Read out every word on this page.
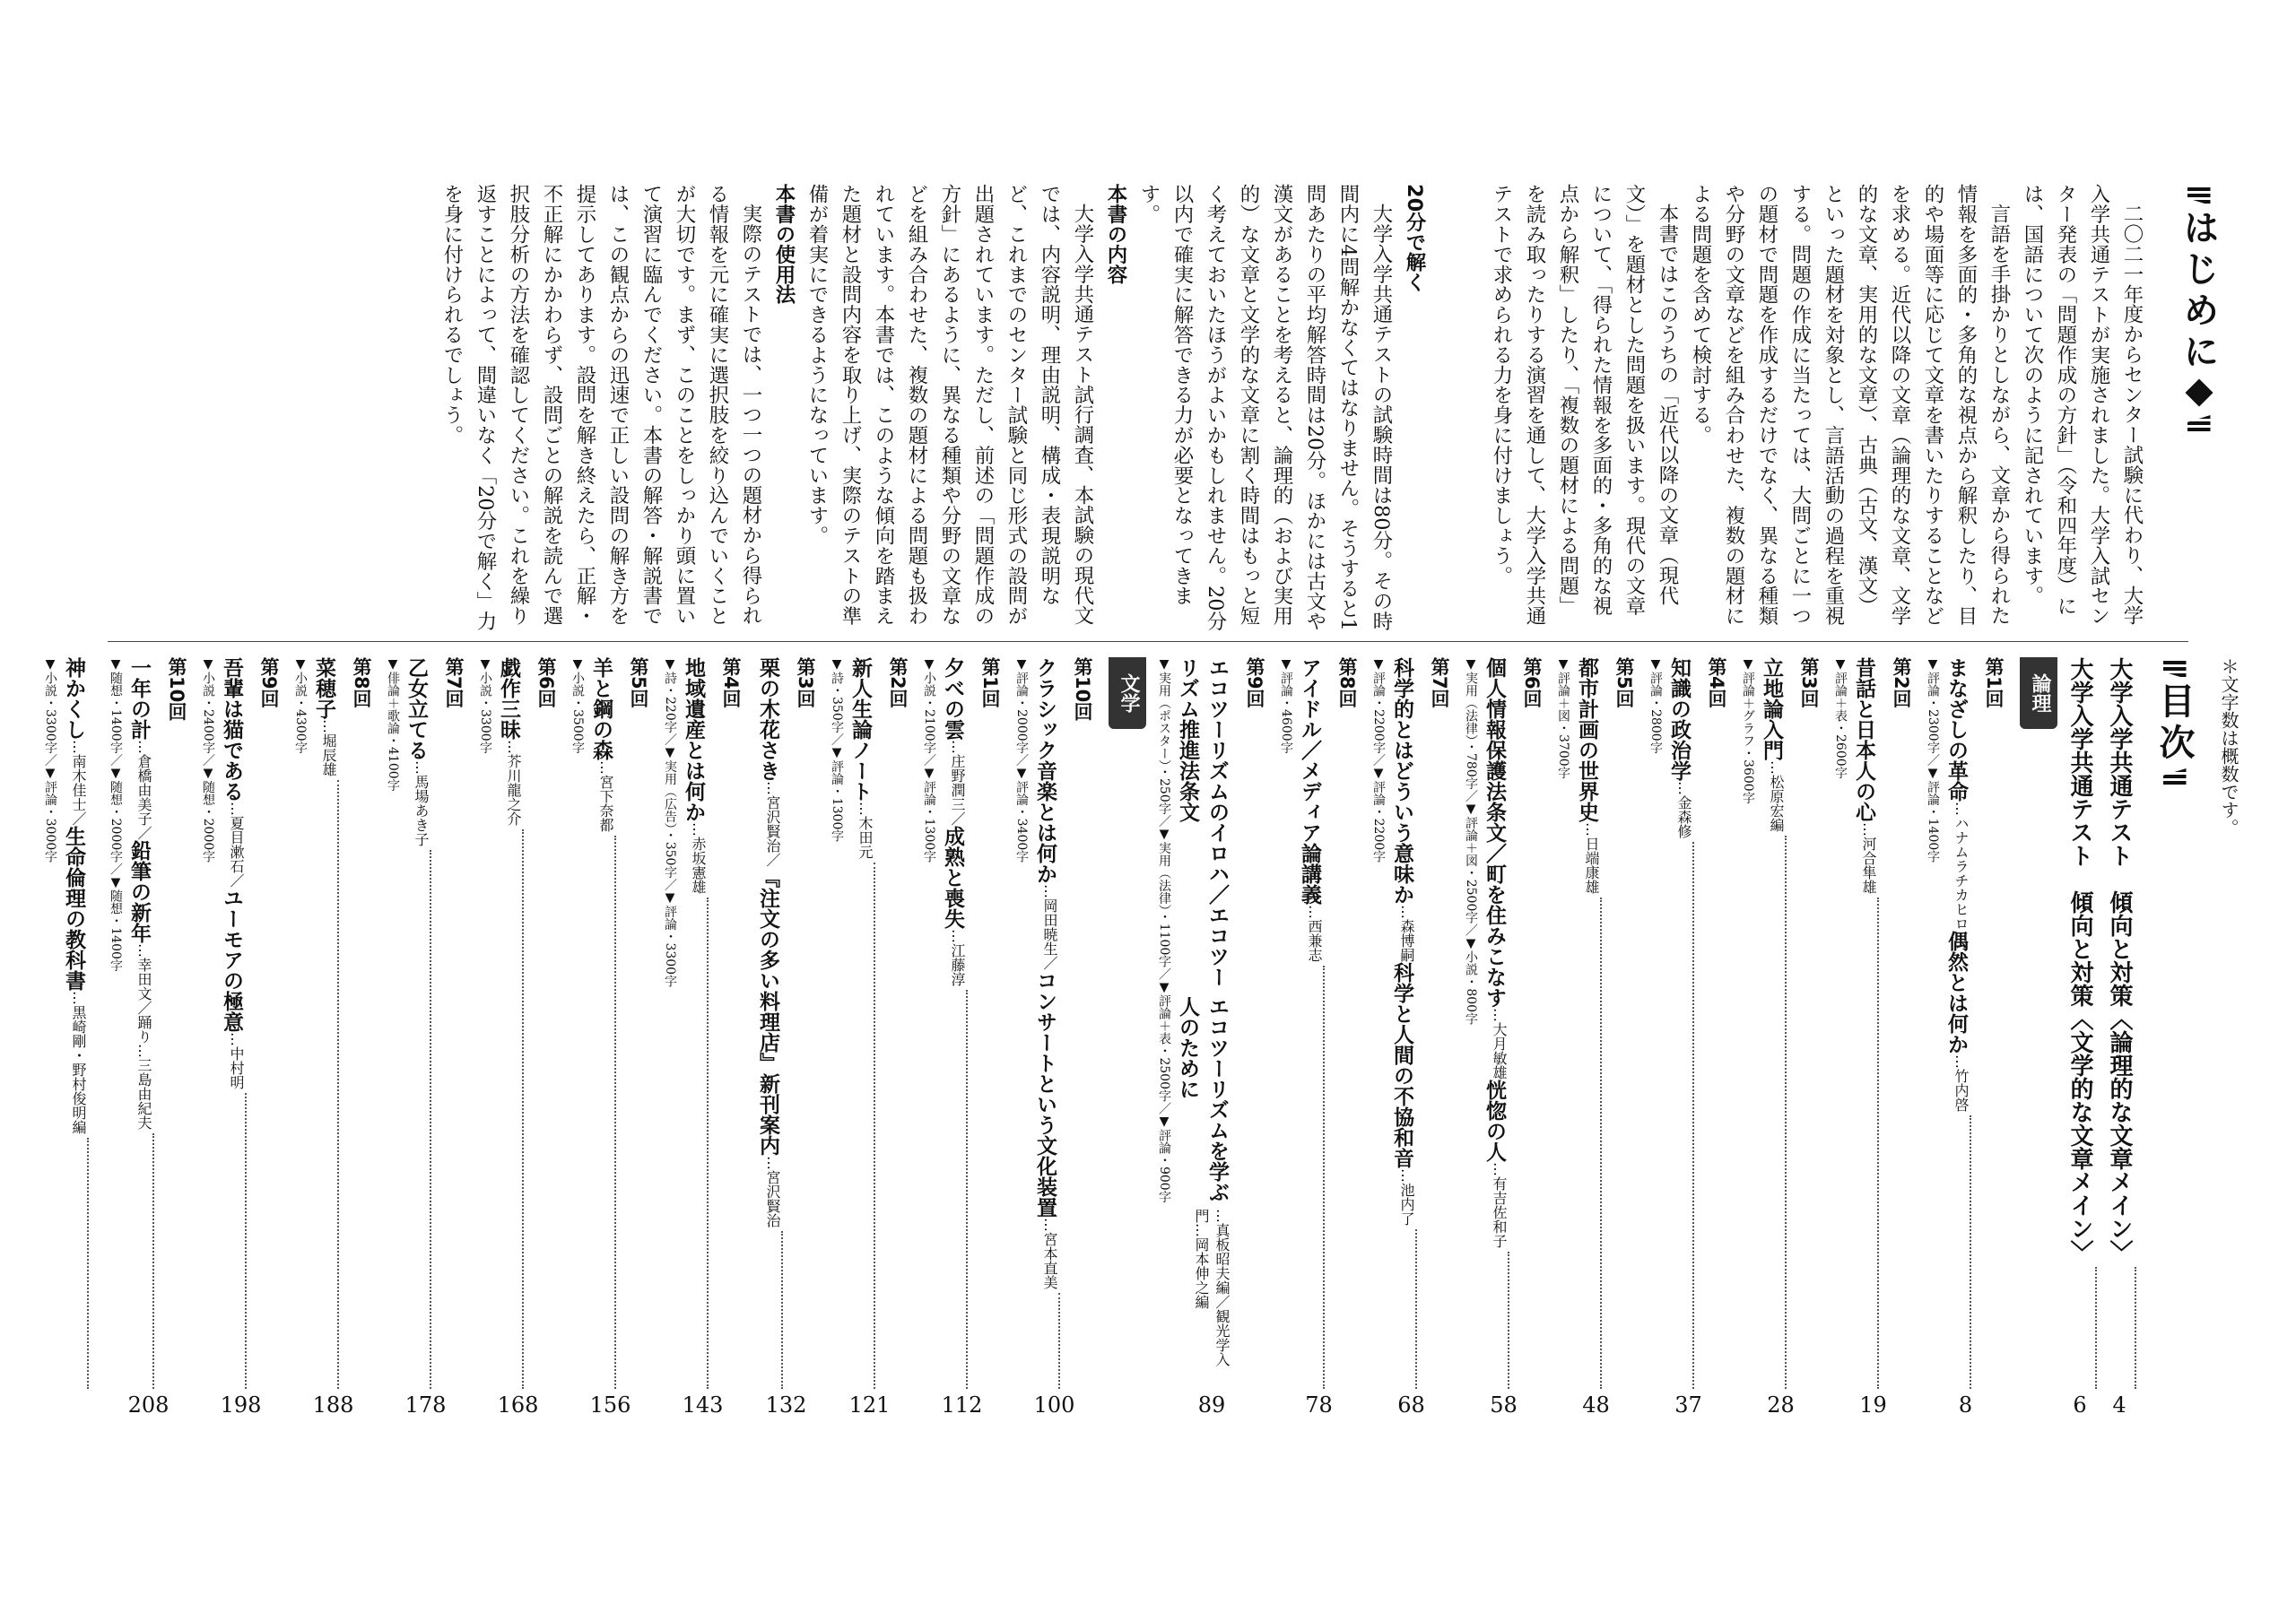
はじめに

二〇二一年度からセンター試験に代わり、大学入学共通テストが実施されました。大学入試センター発表の「問題作成の方針」（令和四年度）には、国語について次のように記されています。

言語を手掛かりとしながら、文章から得られた情報を多面的・多角的な視点から解釈したり、目的や場面等に応じて文章を書いたりすることなどを求める。近代以降の文章（論理的な文章、文学的な文章、実用的な文章）、古典（古文、漢文）といった題材を対象とし、言語活動の過程を重視する。問題の作成に当たっては、大問ごとに一つの題材で問題を作成するだけでなく、異なる種類や分野の文章などを組み合わせた、複数の題材による問題を含めて検討する。

本書ではこのうちの「近代以降の文章（現代文）」を題材とした問題を扱います。現代の文章について、「得られた情報を多面的・多角的な視点から解釈」したり、「複数の題材による問題」を読み取ったりする演習を通して、大学入学共通テストで求められる力を身に付けましょう。

20分で解く

大学入学共通テストの試験時間は80分。その時間内に4問解かなくてはなりません。そうすると1問あたりの平均解答時間は20分。ほかには古文や漢文があることを考えると、論理的（および実用的）な文章と文学的な文章に割く時間はもっと短く考えておいたほうがよいかもしれません。20分以内で確実に解答できる力が必要となってきます。

本書の内容

大学入学共通テスト試行調査、本試験の現代文では、内容説明、理由説明、構成・表現説明など、これまでのセンター試験と同じ形式の設問が出題されています。ただし、前述の「問題作成の方針」にあるように、異なる種類や分野の文章などを組み合わせた、複数の題材による問題も扱われています。本書では、このような傾向を踏まえた題材と設問内容を取り上げ、実際のテストの準備が着実にできるようになっています。

本書の使用法

実際のテストでは、一つ一つの題材から得られる情報を元に確実に選択肢を絞り込んでいくことが大切です。まず、このことをしっかり頭に置いて演習に臨んでください。本書の解答・解説書では、この観点からの迅速で正しい設問の解き方を提示してあります。設問を解き終えたら、正解・不正解にかかわらず、設問ごとの解説を読んで選択肢分析の方法を確認してください。これを繰り返すことによって、間違いなく「20分で解く」力を身に付けられるでしょう。

＊文字数は概数です。
目次
大学入学共通テスト　傾向と対策〈論理的な文章メイン〉
4
大学入学共通テスト　傾向と対策〈文学的な文章メイン〉
6
論理
第1回
まなざしの革命
…ハナムラチカヒロ
偶然とは何か
…竹内啓
▼評論・2300字／▼評論・1400字
8
第2回
昔話と日本人の心
…河合隼雄
▼評論＋表・2600字
19
第3回
立地論入門
…松原宏編
▼評論＋グラフ・3600字
28
第4回
知識の政治学
…金森修
▼評論・2800字
37
第5回
都市計画の世界史
…日端康雄
▼評論＋図・3700字
48
第6回
個人情報保護法条文／町を住みこなす
…大月敏雄
恍惚の人
…有吉佐和子
▼実用（法律）・780字／▼評論＋図・2500字／▼小説・800字
58
第7回
科学的とはどういう意味か
…森博嗣
科学と人間の不協和音
…池内了
▼評論・2200字／▼評論・2200字
68
第8回
アイドル／メディア論講義
…西兼志
▼評論・4600字
78
第9回
エコツーリズムのイロハ／エコツーリズム推進法条文
エコツーリズムを学ぶ人のために
…真板昭夫編／観光学入門…岡本伸之編
▼実用（ポスター）・250字／▼実用（法律）・1100字／▼評論＋表・2500字／▼評論・900字
89
文学
第10回
クラシック音楽とは何か
…岡田暁生／
コンサートという文化装置
…宮本直美
▼評論・2000字／▼評論・3400字
100
第1回
夕べの雲
…庄野潤三／
成熟と喪失
…江藤淳
▼小説・2100字／▼評論・1300字
112
第2回
新人生論ノート
…木田元
▼詩・350字／▼評論・1300字
121
第3回
栗の木花さき
…宮沢賢治／
『注文の多い料理店』新刊案内
…宮沢賢治
132
第4回
地域遺産とは何か
…赤坂憲雄
▼詩・220字／▼実用（広告）・350字／▼評論・3300字
143
第5回
羊と鋼の森
…宮下奈都
▼小説・3500字
156
第6回
戯作三昧
…芥川龍之介
▼小説・3300字
168
第7回
乙女立てる
…馬場あき子
▼俳論＋歌論・4100字
178
第8回
菜穂子
…堀辰雄
▼小説・4300字
188
第9回
吾輩は猫である
…夏目漱石／
ユーモアの極意
…中村明
▼小説・2400字／▼随想・2000字
198
第10回
一年の計
…倉橋由美子／
鉛筆の新年
…幸田文／踊り…三島由紀夫
▼随想・1400字／▼随想・2000字／▼随想・1400字
208
神かくし
…南木佳士／
生命倫理の教科書
…黒崎剛・野村俊明編
▼小説・3300字／▼評論・3000字
